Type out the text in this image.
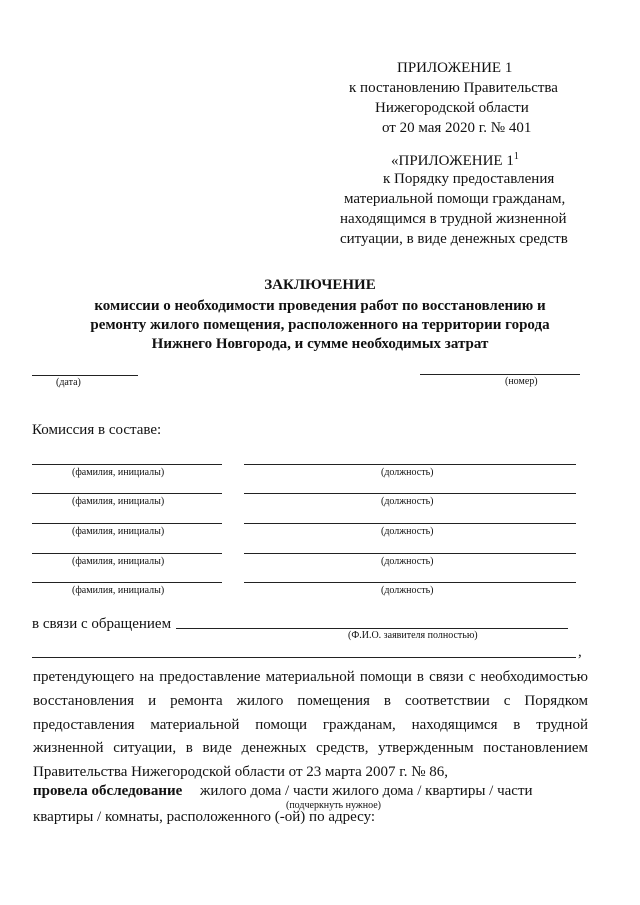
ПРИЛОЖЕНИЕ 1
к постановлению Правительства
Нижегородской области
от 20 мая 2020 г. № 401
«ПРИЛОЖЕНИЕ $1^1$
к Порядку предоставления
материальной помощи гражданам,
находящимся в трудной жизненной
ситуации, в виде денежных средств
ЗАКЛЮЧЕНИЕ
комиссии о необходимости проведения работ по восстановлению и
ремонту жилого помещения, расположенного на территории города
Нижнего Новгорода, и сумме необходимых затрат
(дата)	(номер)
Комиссия в составе:
(фамилия, инициалы)	(должность)
(фамилия, инициалы)	(должность)
(фамилия, инициалы)	(должность)
(фамилия, инициалы)	(должность)
(фамилия, инициалы)	(должность)
в связи с обращением
(Ф.И.О. заявителя полностью)
,
претендующего на предоставление материальной помощи в связи с необходимостью
восстановления и ремонта жилого помещения в соответствии с Порядком
предоставления материальной помощи гражданам, находящимся в трудной
жизненной ситуации, в виде денежных средств, утвержденным постановлением
Правительства Нижегородской области от 23 марта 2007 г. № 86,
провела обследование жилого дома / части жилого дома / квартиры / части
(подчеркнуть нужное)
квартиры / комнаты, расположенного (-ой) по адресу:
